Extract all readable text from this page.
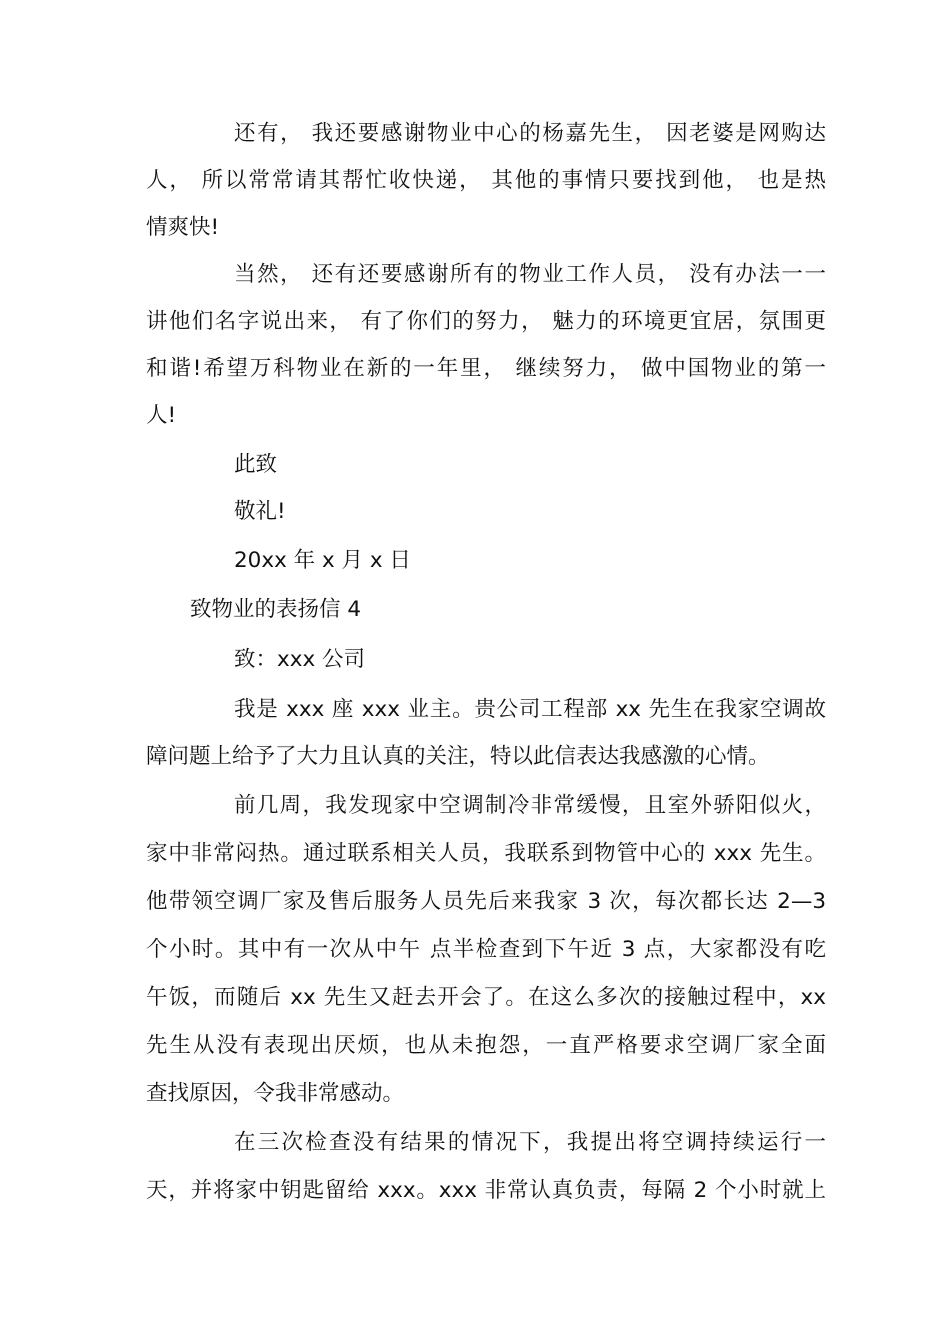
还有， 我还要感谢物业中心的杨嘉先生， 因老婆是网购达
人， 所以常常请其帮忙收快递， 其他的事情只要找到他， 也是热
情爽快!
当然， 还有还要感谢所有的物业工作人员， 没有办法一一
讲他们名字说出来， 有了你们的努力， 魅力的环境更宜居，氛围更
和谐!希望万科物业在新的一年里， 继续努力， 做中国物业的第一
人!
此致
敬礼!
20xx 年 x 月 x 日
致物业的表扬信 4
致：xxx 公司
我是 xxx 座 xxx 业主。贵公司工程部 xx 先生在我家空调故
障问题上给予了大力且认真的关注，特以此信表达我感激的心情。
前几周，我发现家中空调制冷非常缓慢，且室外骄阳似火，
家中非常闷热。通过联系相关人员，我联系到物管中心的 xxx 先生。
他带领空调厂家及售后服务人员先后来我家 3 次，每次都长达 2—3
个小时。其中有一次从中午 点半检查到下午近 3 点，大家都没有吃
午饭，而随后 xx 先生又赶去开会了。在这么多次的接触过程中，xx
先生从没有表现出厌烦，也从未抱怨，一直严格要求空调厂家全面
查找原因，令我非常感动。
在三次检查没有结果的情况下，我提出将空调持续运行一
天，并将家中钥匙留给 xxx。xxx 非常认真负责，每隔 2 个小时就上
